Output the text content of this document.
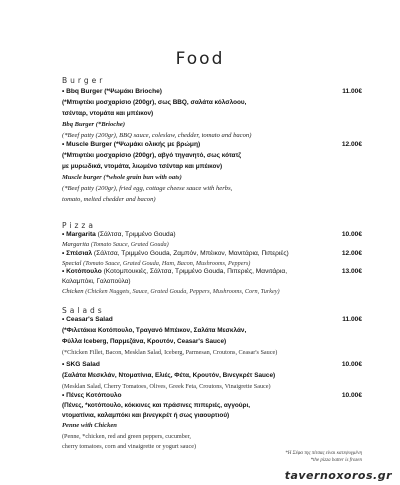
Food
Burger
• Bbq Burger (*Ψωμάκι Brioche)	11.00€
(*Μπιφτέκι μοσχαρίσιο (200gr), σως BBQ, σαλάτα κόλσλοου,
τσένταρ, ντομάτα και μπέικον)
Bbq Burger (*Brioche)
(*Beef patty (200gr), BBQ sauce, coleslaw, chedder, tomato and bacon)
• Muscle Burger (*Ψωμάκι ολικής με βρώμη)	12.00€
(*Μπιφτέκι μοσχαρίσιο (200gr), αβγό τηγανητό, σως κότατζ
με μυρωδικά, ντομάτα, λιωμένο τσένταρ και μπέικον)
Muscle burger (*whole grain bun with oats)
(*Beef patty (200gr), fried egg, cottage cheese sauce with herbs,
tomato, melted chedder and bacon)
Pizza
• Margarita (Σάλτσα, Τριμμένο Gouda)	10.00€
Margarita (Tomato Sauce, Grated Gouda)
• Σπέσιαλ (Σάλτσα, Τριμμένο Gouda, Ζαμπόν, Μπέικον, Μανιτάρια, Πιπεριές)	12.00€
Special (Tomato Sauce, Grated Gouda, Ham, Bacon, Mushrooms, Peppers)
• Κοτόπουλο (Κοτομπουκιές, Σάλτσα, Τριμμένο Gouda, Πιπεριές, Μανιτάρια,	13.00€
Καλαμπόκι, Γαλοπούλα)
Chicken (Chicken Nuggets, Sauce, Grated Gouda, Peppers, Mushrooms, Corn, Turkey)
Salads
• Ceasar's Salad	11.00€
(*Φιλετάκια Κοτόπουλο, Τραγανό Μπέικον, Σαλάτα Μεσκλάν,
Φύλλα Iceberg, Παρμεζάνα, Κρουτόν, Ceasar's Sauce)
(*Chicken Fillet, Bacon, Mesklan Salad, Iceberg, Parmesan, Croutons, Ceasar's Sauce)
• SKG Salad	10.00€
(Σαλάτα Μεσκλάν, Ντοματίνια, Ελιές, Φέτα, Κρουτόν, Βινεγκρέτ Sauce)
(Mesklan Salad, Cherry Tomatoes, Olives, Greek Feta, Croutons, Vinaigrette Sauce)
• Πένες Κοτόπουλο	10.00€
(Πένες, *κοτόπουλο, κόκκινες και πράσινες πιπεριές, αγγούρι,
ντοματίνια, καλαμπόκι και βινεγκρέτ ή σως γιαουρτιού)
Penne with Chicken
(Penne, *chicken, red and green peppers, cucumber,
cherry tomatoes, corn and vinaigrette or yogurt sauce)
*Η Σέφα της πίτσας είναι κατεψυγμένη
*the pizza batter is frozen
tavernoxoros.gr
